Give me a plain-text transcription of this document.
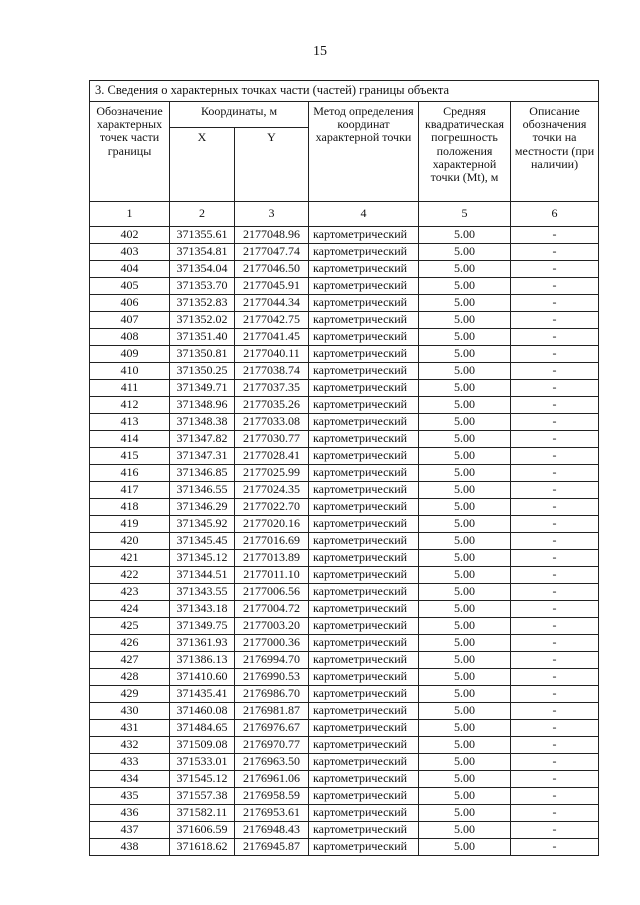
15
3. Сведения о характерных точках части (частей) границы объекта					
Обозначение характерных точек части границы	Координаты, м		Метод определения координат характерной точки	Средняя квадратическая погрешность положения характерной точки (Mt), м	Описание обозначения точки на местности (при наличии)
	X	Y			
1	2	3	4	5	6
402	371355.61	2177048.96	картометрический	5.00	-
403	371354.81	2177047.74	картометрический	5.00	-
404	371354.04	2177046.50	картометрический	5.00	-
405	371353.70	2177045.91	картометрический	5.00	-
406	371352.83	2177044.34	картометрический	5.00	-
407	371352.02	2177042.75	картометрический	5.00	-
408	371351.40	2177041.45	картометрический	5.00	-
409	371350.81	2177040.11	картометрический	5.00	-
410	371350.25	2177038.74	картометрический	5.00	-
411	371349.71	2177037.35	картометрический	5.00	-
412	371348.96	2177035.26	картометрический	5.00	-
413	371348.38	2177033.08	картометрический	5.00	-
414	371347.82	2177030.77	картометрический	5.00	-
415	371347.31	2177028.41	картометрический	5.00	-
416	371346.85	2177025.99	картометрический	5.00	-
417	371346.55	2177024.35	картометрический	5.00	-
418	371346.29	2177022.70	картометрический	5.00	-
419	371345.92	2177020.16	картометрический	5.00	-
420	371345.45	2177016.69	картометрический	5.00	-
421	371345.12	2177013.89	картометрический	5.00	-
422	371344.51	2177011.10	картометрический	5.00	-
423	371343.55	2177006.56	картометрический	5.00	-
424	371343.18	2177004.72	картометрический	5.00	-
425	371349.75	2177003.20	картометрический	5.00	-
426	371361.93	2177000.36	картометрический	5.00	-
427	371386.13	2176994.70	картометрический	5.00	-
428	371410.60	2176990.53	картометрический	5.00	-
429	371435.41	2176986.70	картометрический	5.00	-
430	371460.08	2176981.87	картометрический	5.00	-
431	371484.65	2176976.67	картометрический	5.00	-
432	371509.08	2176970.77	картометрический	5.00	-
433	371533.01	2176963.50	картометрический	5.00	-
434	371545.12	2176961.06	картометрический	5.00	-
435	371557.38	2176958.59	картометрический	5.00	-
436	371582.11	2176953.61	картометрический	5.00	-
437	371606.59	2176948.43	картометрический	5.00	-
438	371618.62	2176945.87	картометрический	5.00	-
